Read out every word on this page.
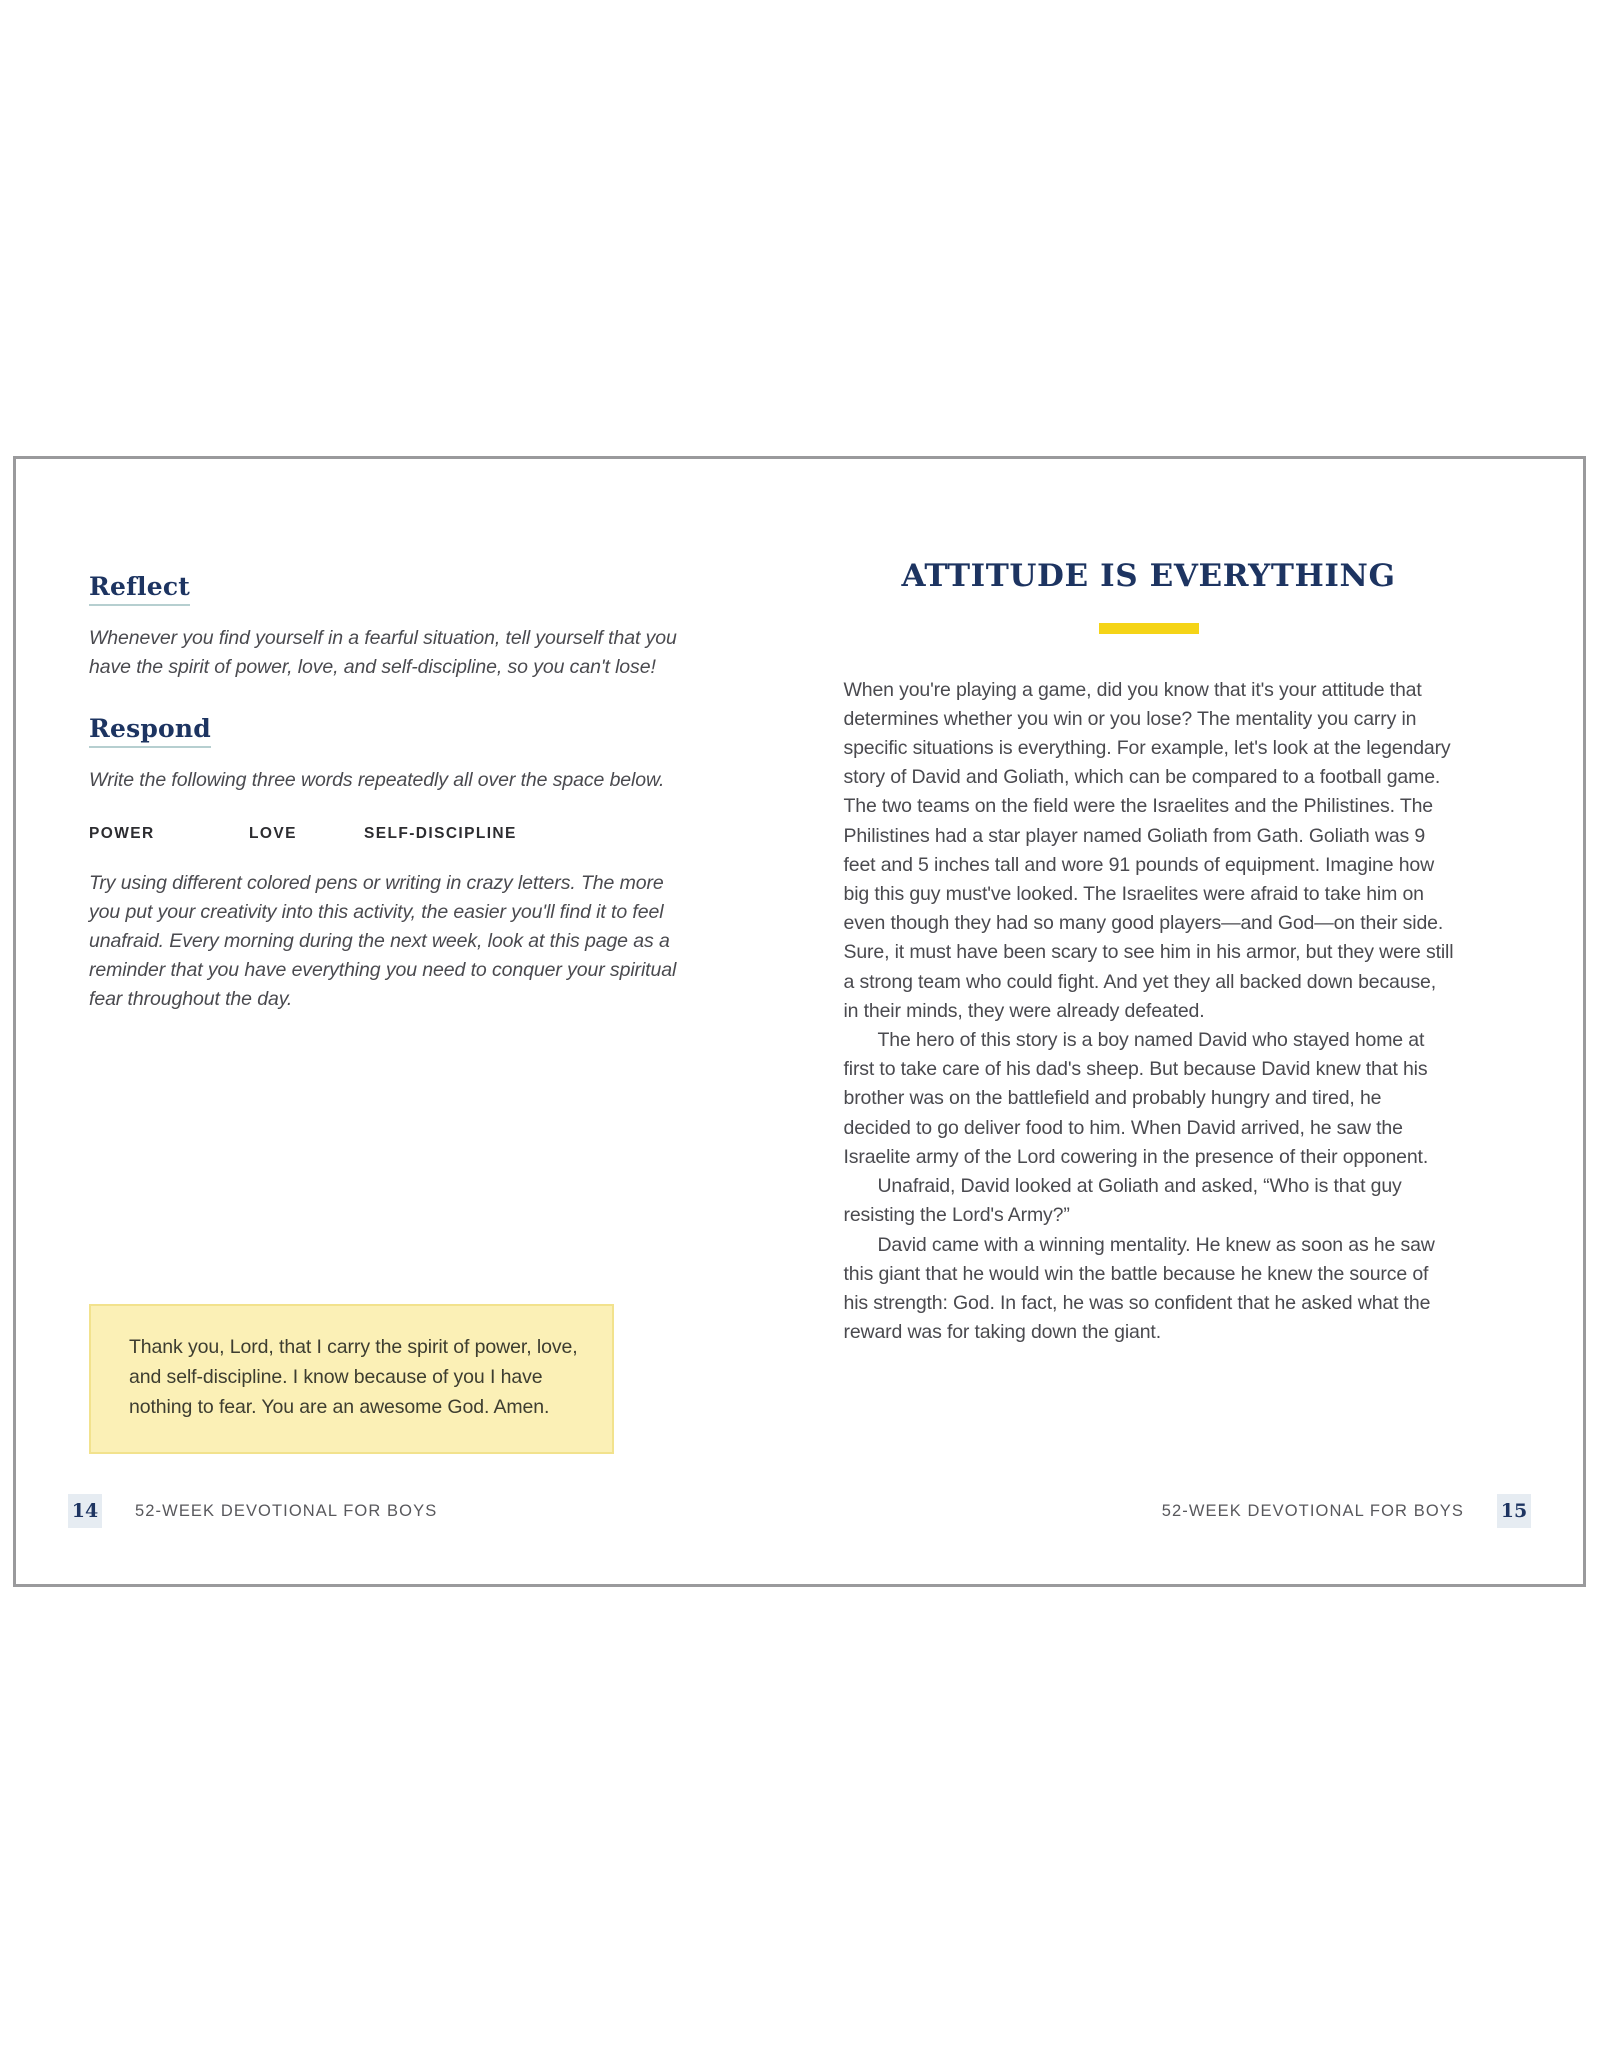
Reflect

Whenever you find yourself in a fearful situation, tell yourself that you have the spirit of power, love, and self-discipline, so you can't lose!

Respond

Write the following three words repeatedly all over the space below.

POWER	LOVE	SELF-DISCIPLINE

Try using different colored pens or writing in crazy letters. The more you put your creativity into this activity, the easier you'll find it to feel unafraid. Every morning during the next week, look at this page as a reminder that you have everything you need to conquer your spiritual fear throughout the day.

Thank you, Lord, that I carry the spirit of power, love, and self-discipline. I know because of you I have nothing to fear. You are an awesome God. Amen.

14 52-WEEK DEVOTIONAL FOR BOYS
ATTITUDE IS EVERYTHING

When you're playing a game, did you know that it's your attitude that determines whether you win or you lose? The mentality you carry in specific situations is everything. For example, let's look at the legendary story of David and Goliath, which can be compared to a football game. The two teams on the field were the Israelites and the Philistines. The Philistines had a star player named Goliath from Gath. Goliath was 9 feet and 5 inches tall and wore 91 pounds of equipment. Imagine how big this guy must've looked. The Israelites were afraid to take him on even though they had so many good players—and God—on their side. Sure, it must have been scary to see him in his armor, but they were still a strong team who could fight. And yet they all backed down because, in their minds, they were already defeated.

The hero of this story is a boy named David who stayed home at first to take care of his dad's sheep. But because David knew that his brother was on the battlefield and probably hungry and tired, he decided to go deliver food to him. When David arrived, he saw the Israelite army of the Lord cowering in the presence of their opponent.

Unafraid, David looked at Goliath and asked, “Who is that guy resisting the Lord's Army?”

David came with a winning mentality. He knew as soon as he saw this giant that he would win the battle because he knew the source of his strength: God. In fact, he was so confident that he asked what the reward was for taking down the giant.

52-WEEK DEVOTIONAL FOR BOYS 15
